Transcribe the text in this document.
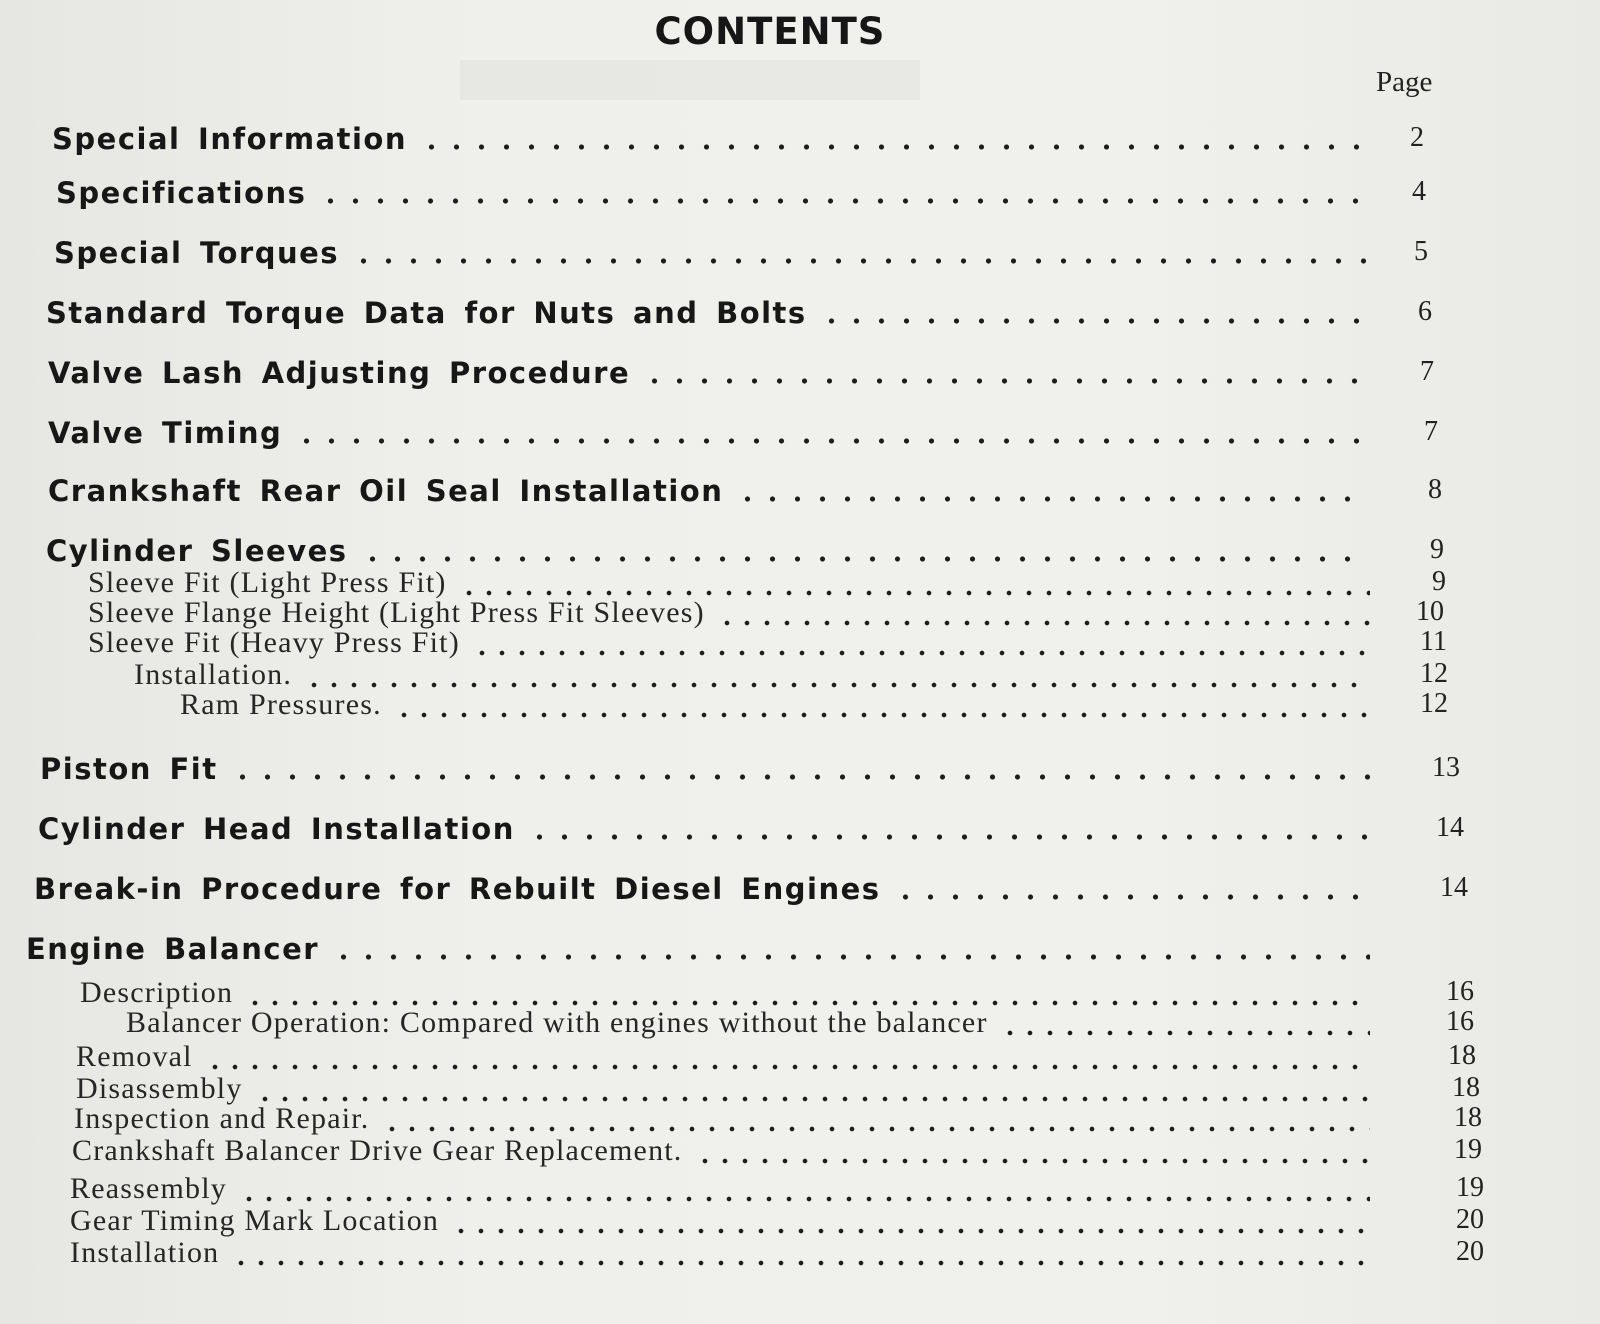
CONTENTS
Page
Special Information	2
Specifications	4
Special Torques	5
Standard Torque Data for Nuts and Bolts	6
Valve Lash Adjusting Procedure	7
Valve Timing	7
Crankshaft Rear Oil Seal Installation	8
Cylinder Sleeves	9
Sleeve Fit (Light Press Fit)	9
Sleeve Flange Height (Light Press Fit Sleeves)	10
Sleeve Fit (Heavy Press Fit)	11
Installation.	12
Ram Pressures.	12
Piston Fit	13
Cylinder Head Installation	14
Break-in Procedure for Rebuilt Diesel Engines	14
Engine Balancer
Description	16
Balancer Operation: Compared with engines without the balancer	16
Removal	18
Disassembly	18
Inspection and Repair.	18
Crankshaft Balancer Drive Gear Replacement.	19
Reassembly	19
Gear Timing Mark Location	20
Installation	20
